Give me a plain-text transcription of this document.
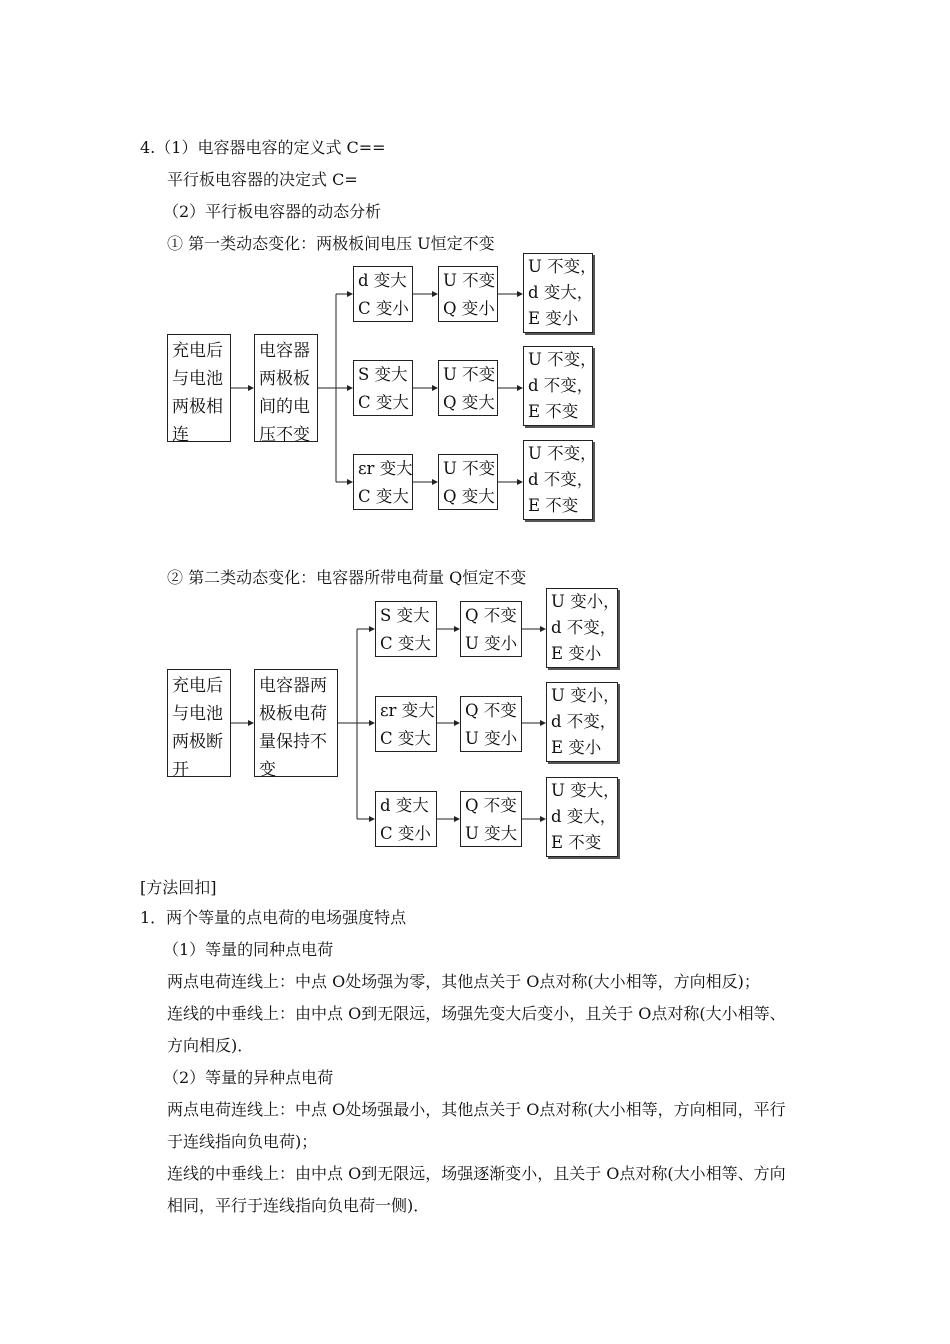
4.（1）电容器电容的定义式 C==
平行板电容器的决定式 C=
（2）平行板电容器的动态分析
① 第一类动态变化：两极板间电压 U恒定不变
充电后
与电池
两极相
连
电容器
两极板
间的电
压不变
d 变大
C 变小
U 不变
Q 变小
U 不变，
d 变大，
E 变小
S 变大
C 变大
U 不变
Q 变大
U 不变，
d 不变，
E 不变
εr 变大
C 变大
U 不变
Q 变大
U 不变，
d 不变，
E 不变
② 第二类动态变化：电容器所带电荷量 Q恒定不变
充电后
与电池
两极断
开
电容器两
极板电荷
量保持不
变
S 变大
C 变大
Q 不变
U 变小
U 变小，
d 不变，
E 变小
εr 变大
C 变大
Q 不变
U 变小
U 变小，
d 不变，
E 变小
d 变大
C 变小
Q 不变
U 变大
U 变大，
d 变大，
E 不变
[方法回扣]
1．两个等量的点电荷的电场强度特点
（1）等量的同种点电荷
两点电荷连线上：中点 O处场强为零，其他点关于 O点对称(大小相等，方向相反)；
连线的中垂线上：由中点 O到无限远，场强先变大后变小，且关于 O点对称(大小相等、
方向相反)．
（2）等量的异种点电荷
两点电荷连线上：中点 O处场强最小，其他点关于 O点对称(大小相等，方向相同，平行
于连线指向负电荷)；
连线的中垂线上：由中点 O到无限远，场强逐渐变小，且关于 O点对称(大小相等、方向
相同，平行于连线指向负电荷一侧)．
